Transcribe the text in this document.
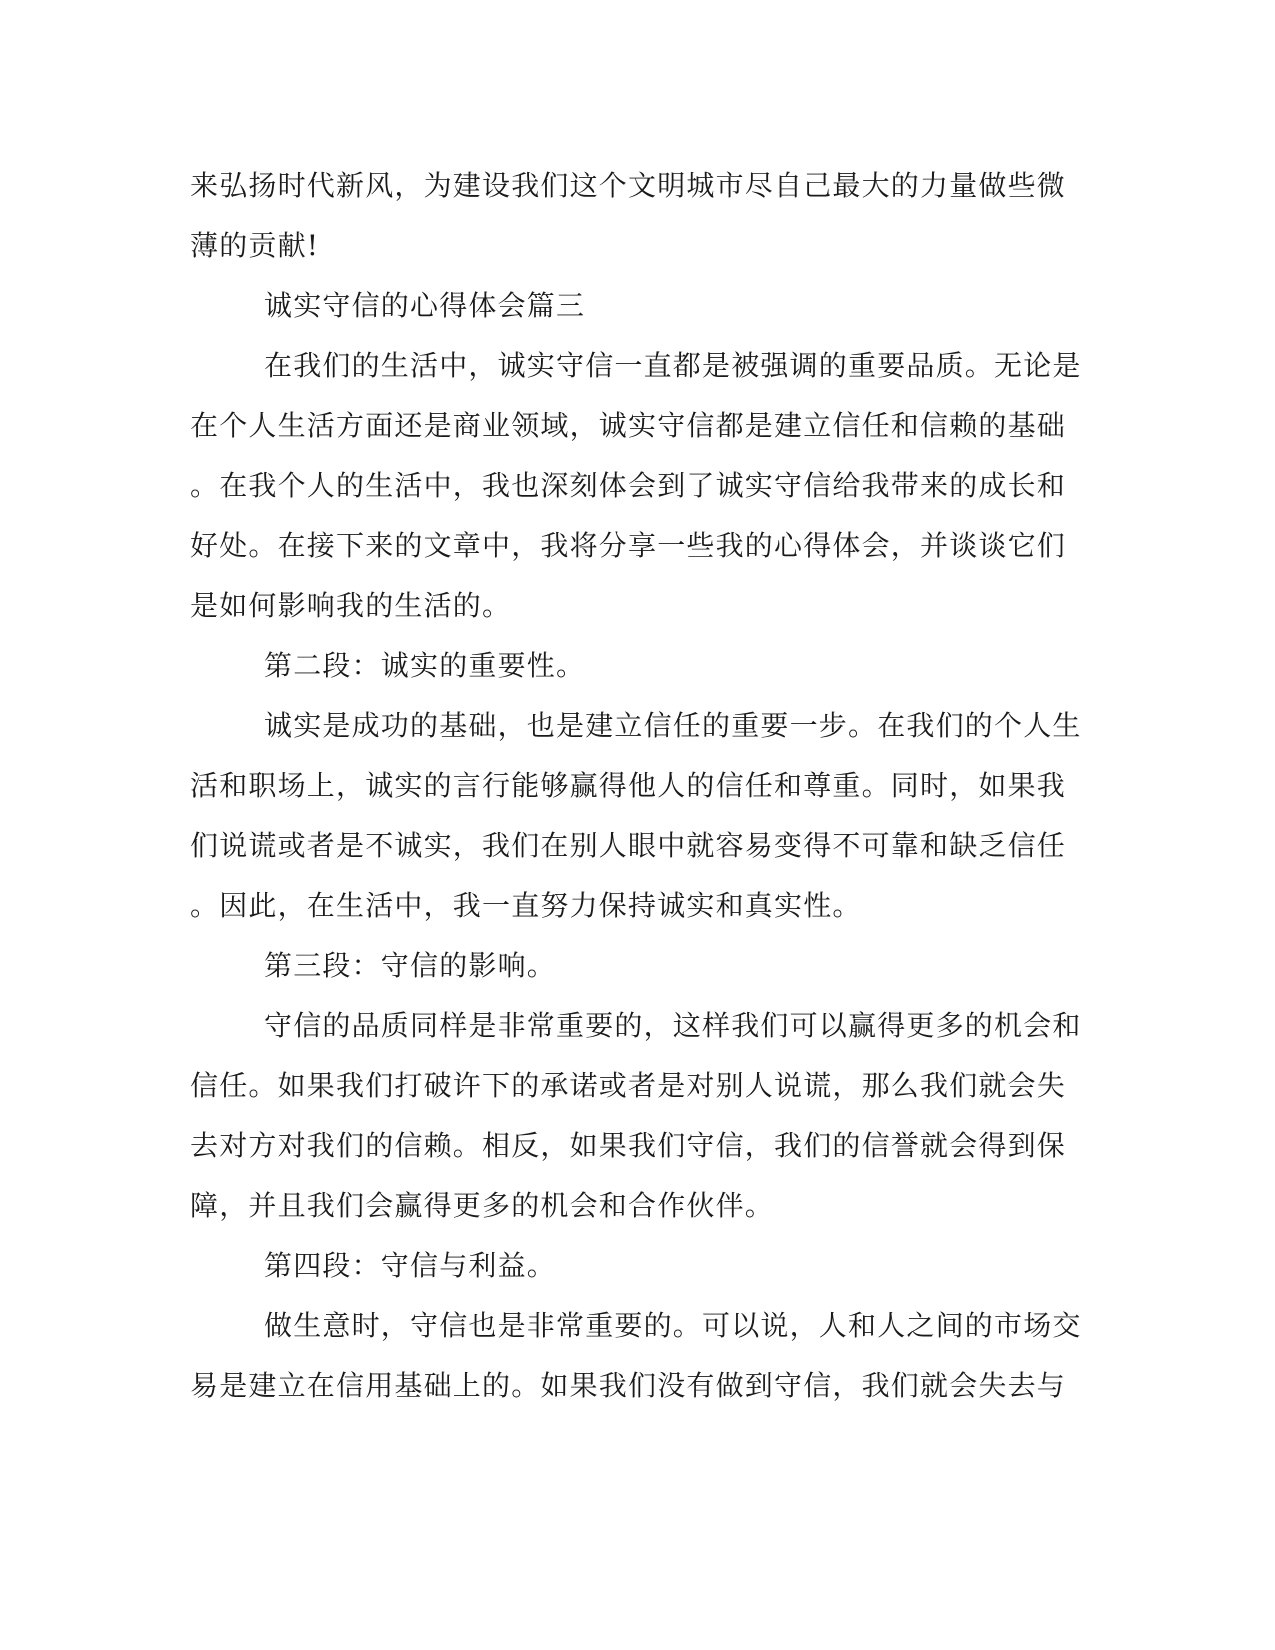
来弘扬时代新风，为建设我们这个文明城市尽自己最大的力量做些微
薄的贡献!
诚实守信的心得体会篇三
在我们的生活中，诚实守信一直都是被强调的重要品质。无论是
在个人生活方面还是商业领域，诚实守信都是建立信任和信赖的基础
。在我个人的生活中，我也深刻体会到了诚实守信给我带来的成长和
好处。在接下来的文章中，我将分享一些我的心得体会，并谈谈它们
是如何影响我的生活的。
第二段：诚实的重要性。
诚实是成功的基础，也是建立信任的重要一步。在我们的个人生
活和职场上，诚实的言行能够赢得他人的信任和尊重。同时，如果我
们说谎或者是不诚实，我们在别人眼中就容易变得不可靠和缺乏信任
。因此，在生活中，我一直努力保持诚实和真实性。
第三段：守信的影响。
守信的品质同样是非常重要的，这样我们可以赢得更多的机会和
信任。如果我们打破许下的承诺或者是对别人说谎，那么我们就会失
去对方对我们的信赖。相反，如果我们守信，我们的信誉就会得到保
障，并且我们会赢得更多的机会和合作伙伴。
第四段：守信与利益。
做生意时，守信也是非常重要的。可以说，人和人之间的市场交
易是建立在信用基础上的。如果我们没有做到守信，我们就会失去与
